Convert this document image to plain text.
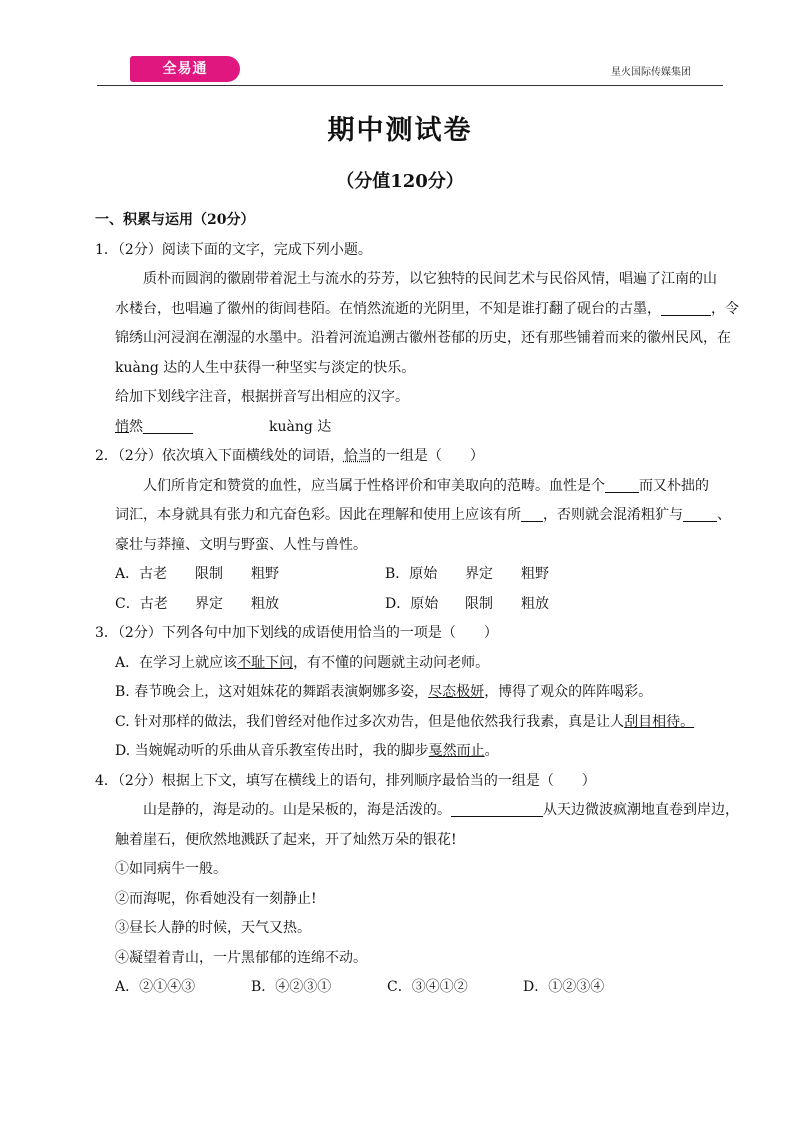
全易通	星火国际传媒集团
期中测试卷
（分值120分）
一、积累与运用（20分）
1．（2分）阅读下面的文字，完成下列小题。
质朴而圆润的徽剧带着泥土与流水的芬芳，以它独特的民间艺术与民俗风情，唱遍了江南的山
水楼台，也唱遍了徽州的街闾巷陌。在悄然流逝的光阴里，不知是谁打翻了砚台的古墨，	，令
锦绣山河浸润在潮湿的水墨中。沿着河流追溯古徽州苍郁的历史，还有那些铺着而来的徽州民风，在
kuàng 达的人生中获得一种坚实与淡定的快乐。
给加下划线字注音，根据拼音写出相应的汉字。
悄然	kuàng 达
2．（2分）依次填入下面横线处的词语，恰当的一组是（　　）
人们所肯定和赞赏的血性，应当属于性格评价和审美取向的范畴。血性是个 而又朴拙的
词汇，本身就具有张力和亢奋色彩。因此在理解和使用上应该有所 ，否则就会混淆粗犷与 、
豪壮与莽撞、文明与野蛮、人性与兽性。
A．古老 限制 粗野	B．原始 界定 粗野
C．古老 界定 粗放	D．原始 限制 粗放
3．（2分）下列各句中加下划线的成语使用恰当的一项是（　　）
A．在学习上就应该不耻下问，有不懂的问题就主动问老师。
B. 春节晚会上，这对姐妹花的舞蹈表演婀娜多姿，尽态极妍，博得了观众的阵阵喝彩。
C. 针对那样的做法，我们曾经对他作过多次劝告，但是他依然我行我素，真是让人刮目相待。
D. 当婉娓动听的乐曲从音乐教室传出时，我的脚步戛然而止。
4．（2分）根据上下文，填写在横线上的语句，排列顺序最恰当的一组是（　　）
山是静的，海是动的。山是呆板的，海是活泼的。	从天边微波疯潮地直卷到岸边，
触着崖石，便欣然地溅跃了起来，开了灿然万朵的银花!
①如同病牛一般。
②而海呢，你看她没有一刻静止!
③昼长人静的时候，天气又热。
④凝望着青山，一片黑郁郁的连绵不动。
A．②①④③	B．④②③①	C．③④①②	D．①②③④
